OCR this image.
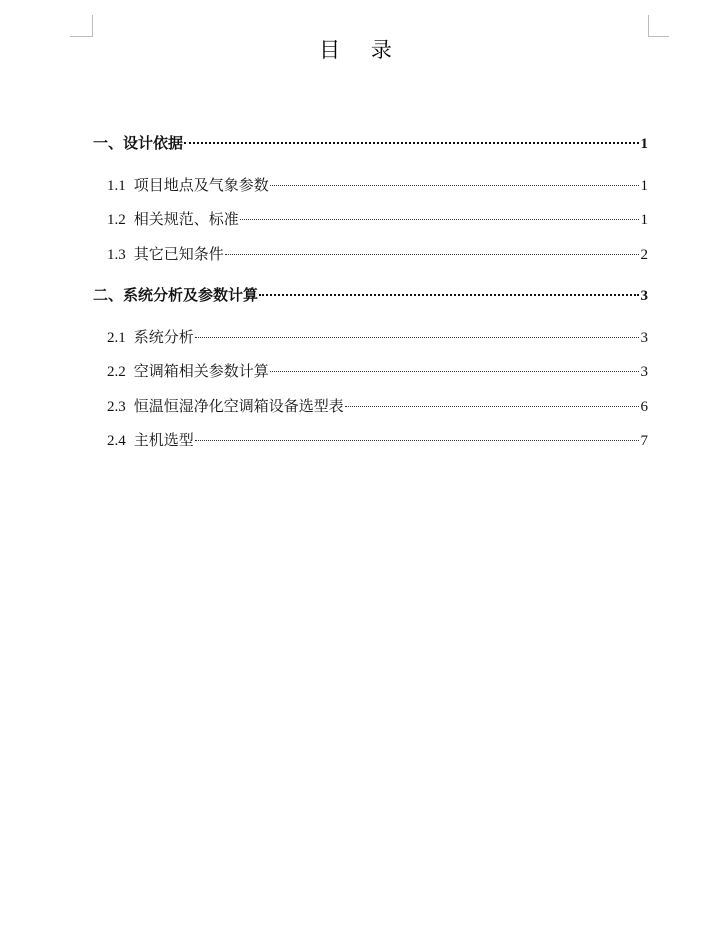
目 录
一、 设计依据	1
1.1 项目地点及气象参数	1
1.2 相关规范、标准	1
1.3 其它已知条件	2
二、 系统分析及参数计算	3
2.1 系统分析	3
2.2 空调箱相关参数计算	3
2.3 恒温恒湿净化空调箱设备选型表	6
2.4 主机选型	7
